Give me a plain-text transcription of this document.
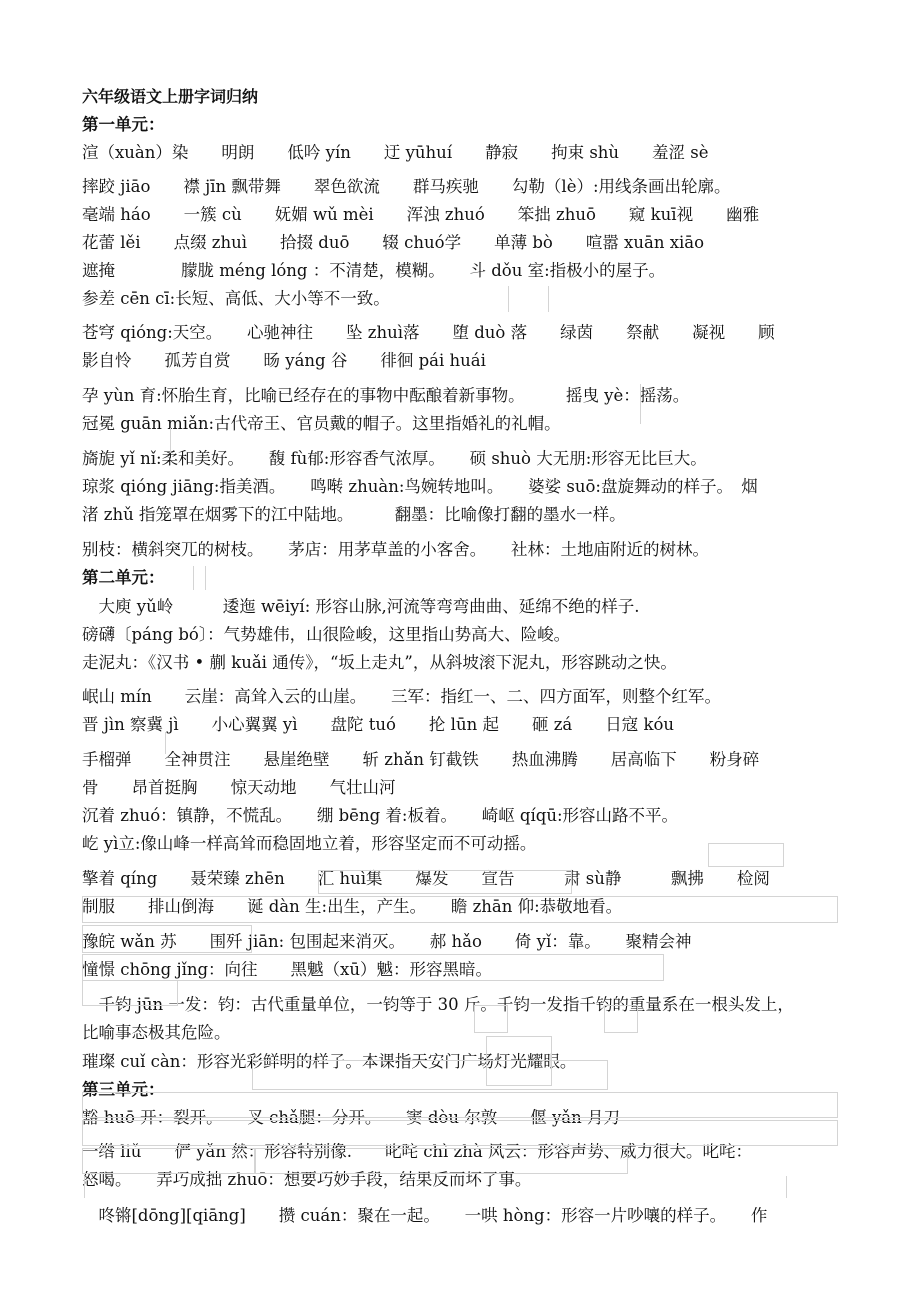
六年级语文上册字词归纳
第一单元：
渲（xuàn）染　　明朗　　低吟 yín　　迂 yūhuí　　静寂　　拘束 shù　　羞涩 sè
摔跤 jiāo　　襟 jīn 飘带舞　　翠色欲流　　群马疾驰　　勾勒（lè）:用线条画出轮廓。
毫端 háo　　一簇 cù　　妩媚 wǔ mèi　　浑浊 zhuó　　笨拙 zhuō　　窥 kuī视　　幽雅
花蕾 lěi　　点缀 zhuì　　拾掇 duō　　辍 chuó学　　单薄 bò　　喧嚣 xuān xiāo
遮掩　　　　朦胧 méng lóng ：不清楚，模糊。　　斗 dǒu 室:指极小的屋子。
参差 cēn cī:长短、高低、大小等不一致。
苍穹 qióng:天空。　　心驰神往　　坠 zhuì落　　堕 duò 落　　绿茵　　祭献　　凝视　　顾
影自怜　　孤芳自赏　　旸 yáng 谷　　徘徊 pái huái
孕 yùn 育:怀胎生育，比喻已经存在的事物中酝酿着新事物。　　　摇曳 yè：摇荡。
冠冕 guān miǎn:古代帝王、官员戴的帽子。这里指婚礼的礼帽。
旖旎 yǐ nǐ:柔和美好。　　馥 fù郁:形容香气浓厚。　　硕 shuò 大无朋:形容无比巨大。
琼浆 qióng jiāng:指美酒。　　鸣啭 zhuàn:鸟婉转地叫。　　婆娑 suō:盘旋舞动的样子。　烟
渚 zhǔ 指笼罩在烟雾下的江中陆地。　　　翻墨：比喻像打翻的墨水一样。
别枝：横斜突兀的树枝。　　茅店：用茅草盖的小客舍。　　社林：土地庙附近的树林。
第二单元：
　大庾 yǔ岭　　　逶迤 wēiyí: 形容山脉,河流等弯弯曲曲、延绵不绝的样子.
磅礴〔páng bó〕：气势雄伟，山很险峻，这里指山势高大、险峻。
走泥丸：《汉书 • 蒯 kuǎi 通传》，“坂上走丸”，从斜坡滚下泥丸，形容跳动之快。
岷山 mín　　云崖：高耸入云的山崖。　　三军：指红一、二、四方面军，则整个红军。
晋 jìn 察冀 jì　　小心翼翼 yì　　盘陀 tuó　　抡 lūn 起　　砸 zá　　日寇 kóu
手榴弹　　全神贯注　　悬崖绝壁　　斩 zhǎn 钉截铁　　热血沸腾　　居高临下　　粉身碎
骨　　昂首挺胸　　惊天动地　　气壮山河
沉着 zhuó：镇静，不慌乱。　　绷 bēng 着:板着。　　崎岖 qíqū:形容山路不平。
屹 yì立:像山峰一样高耸而稳固地立着，形容坚定而不可动摇。
擎着 qíng　　聂荣臻 zhēn　　汇 huì集　　爆发　　宣告　　　肃 sù静　　　飘拂　　检阅
制服　　排山倒海　　诞 dàn 生:出生，产生。　　瞻 zhān 仰:恭敬地看。
豫皖 wǎn 苏　　围歼 jiān: 包围起来消灭。　　郝 hǎo　　倚 yǐ：靠。　　聚精会神
憧憬 chōng jǐng：向往　　黑魆（xū）魆：形容黑暗。
　千钧 jūn 一发：钧：古代重量单位，一钧等于 30 斤。千钧一发指千钧的重量系在一根头发上，
比喻事态极其危险。
璀璨 cuǐ càn：形容光彩鲜明的样子。本课指天安门广场灯光耀眼。
第三单元：
豁 huō 开：裂开。　　叉 chǎ腿：分开。　　窦 dòu 尔敦　　偃 yǎn 月刀
一绺 liǔ　　俨 yǎn 然：形容特别像.　　叱咤 chì zhà 风云：形容声势、威力很大。叱咤：
怒喝。　　弄巧成拙 zhuō：想要巧妙手段，结果反而坏了事。
　咚锵[dōng][qiāng]　　攒 cuán：聚在一起。　　一哄 hòng：形容一片吵嚷的样子。　　作
